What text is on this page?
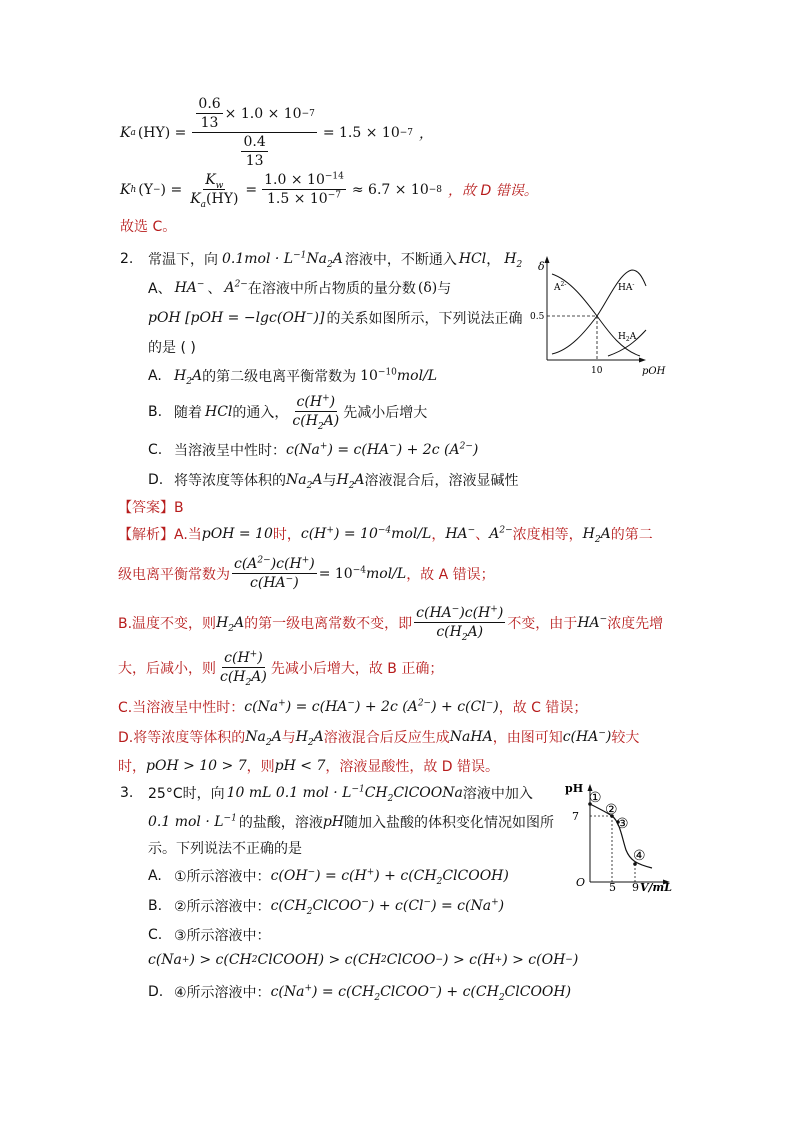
K a $(HY) = \frac{\frac{0.6}{13} \times 1.0 \times 10 -7}{\frac{0.4}{13}} = 1.5 \times 10 -7$ ，
K h (Y − ) = $\frac{K_w}{K_a(HY)} = \frac{1.0 \times 10^{-14}}{1.5 \times 10^{-7}} \approx 6.7 \times 10 -8$ ，故 D 错误。
故选 C。
2. 常温下，向 $0.1mol \cdot L^{-1}Na_2A$ 溶液中，不断通入 HCl ， $H_2$
A、 HA− 、 $A^{2-}$ 在溶液中所占物质的量分数 (δ) 与
pOH [pOH = −lgc(OH−)] 的关系如图所示，下列说法正确
的是 ( )
A. $H_2A$ 的第二级电离平衡常数为 $10^{-10}$ mol/L
B. 随着 HCl 的通入， $\frac{c(H^+)}{c(H_2A)}$ 先减小后增大
C. 当溶液呈中性时： c(Na+) = c(HA−) + 2c $(A^{2-})$
D. 将等浓度等体积的 $Na_2A$ 与 $H_2A$ 溶液混合后，溶液显碱性
【答案】B
【解析】 A.当 pOH = 10 时， $c(H^+) = 10^{-4}mol/L$ ， HA− 、 $A^{2-}$ 浓度相等， $H_2A$ 的第二
级电离平衡常数为 $\frac{c(A^{2-})c(H^+)}{c(HA^-)} = 10^{-4}mol/L$ ，故 A 错误；
B.温度不变，则 $H_2A$ 的第一级电离常数不变，即 $\frac{c(HA^-)c(H^+)}{c(H_2A)}$ 不变，由于 HA− 浓度先增
大，后减小，则 $\frac{c(H^+)}{c(H_2A)}$ 先减小后增大，故 B 正确；
C.当溶液呈中性时： c(Na+) = c(HA−) + 2c $(A^{2-}) + c(Cl^-)$ ，故 C 错误；
D.将等浓度等体积的 $Na_2A$ 与 $H_2A$ 溶液混合后反应生成 NaHA ，由图可知 c(HA−) 较大
时， pOH > 10 > 7 ，则 pH < 7 ，溶液显酸性，故 D 错误。
δ
pOH
0.5
10
$A^{2-}$	HA-
$H_2A$
3. 25°C时，向 10 mL 0.1 mol · $L^{-1}CH_2ClCOONa$ 溶液中加入
0.1 mol · $L^{-1}$ 的盐酸，溶液 pH 随加入盐酸的体积变化情况如图所
示。下列说法不正确的是
A. ①所示溶液中： $c(OH^-) = c(H^+) + c(CH_2ClCOOH)$
B. ②所示溶液中： $c(CH_2ClCOO^-) + c(Cl^-) = c(Na^+)$
C. ③所示溶液中：
c(Na + ) > c(CH 2 ClCOOH) > c(CH 2 ClCOO − ) > c(H + ) > c(OH − )
D. ④所示溶液中： $c(Na^+) = c(CH_2ClCOO^-)$ + $c(CH_2ClCOOH)$
pH
V/mL
O
7
5 9
①
②
③
④
